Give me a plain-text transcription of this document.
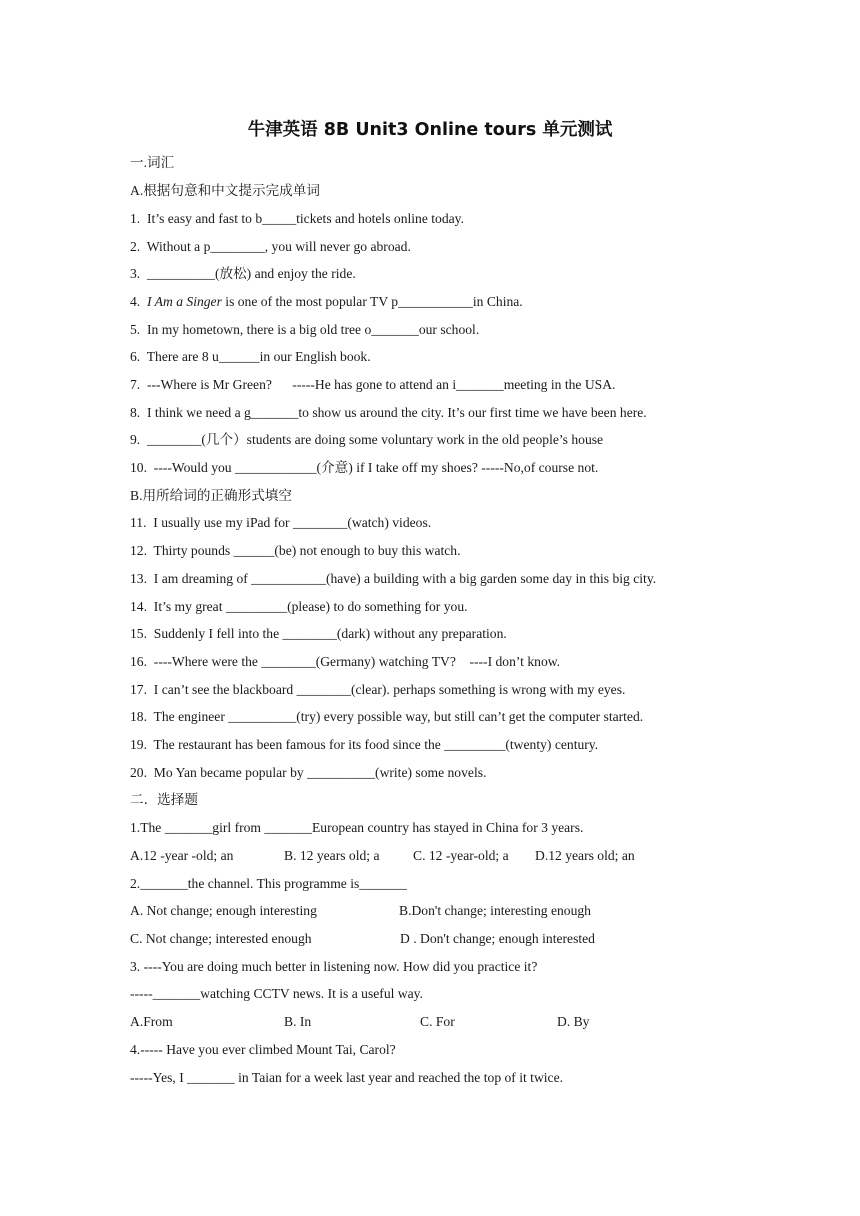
牛津英语 8B Unit3 Online tours 单元测试
一.词汇
A.根据句意和中文提示完成单词
1.  It’s easy and fast to b_____tickets and hotels online today.
2.  Without a p________, you will never go abroad.
3.  __________(放松) and enjoy the ride.
4.  I Am a Singer is one of the most popular TV p___________in China.
5.  In my hometown, there is a big old tree o_______our school.
6.  There are 8 u______in our English book.
7.  ---Where is Mr Green?      -----He has gone to attend an i_______meeting in the USA.
8.  I think we need a g_______to show us around the city. It’s our first time we have been here.
9.  ________(几个）students are doing some voluntary work in the old people’s house
10.  ----Would you ____________(介意) if I take off my shoes? -----No,of course not.
B.用所给词的正确形式填空
11.  I usually use my iPad for ________(watch) videos.
12.  Thirty pounds ______(be) not enough to buy this watch.
13.  I am dreaming of ___________(have) a building with a big garden some day in this big city.
14.  It’s my great _________(please) to do something for you.
15.  Suddenly I fell into the ________(dark) without any preparation.
16.  ----Where were the ________(Germany) watching TV?    ----I don’t know.
17.  I can’t see the blackboard ________(clear). perhaps something is wrong with my eyes.
18.  The engineer __________(try) every possible way, but still can’t get the computer started.
19.  The restaurant has been famous for its food since the _________(twenty) century.
20.  Mo Yan became popular by __________(write) some novels.
二．选择题
1.The _______girl from _______European country has stayed in China for 3 years.
A.12 -year -old; an	B. 12 years old; a C. 12 -year-old; a D.12 years old; an
2._______the channel. This programme is_______
A. Not change; enough interesting	B.Don't change; interesting enough
C. Not change; interested enough	D . Don't change; enough interested
3. ----You are doing much better in listening now. How did you practice it?
-----_______watching CCTV news. It is a useful way.
A.From	B. In	C. For	D. By
4.----- Have you ever climbed Mount Tai, Carol?
-----Yes, I _______ in Taian for a week last year and reached the top of it twice.
